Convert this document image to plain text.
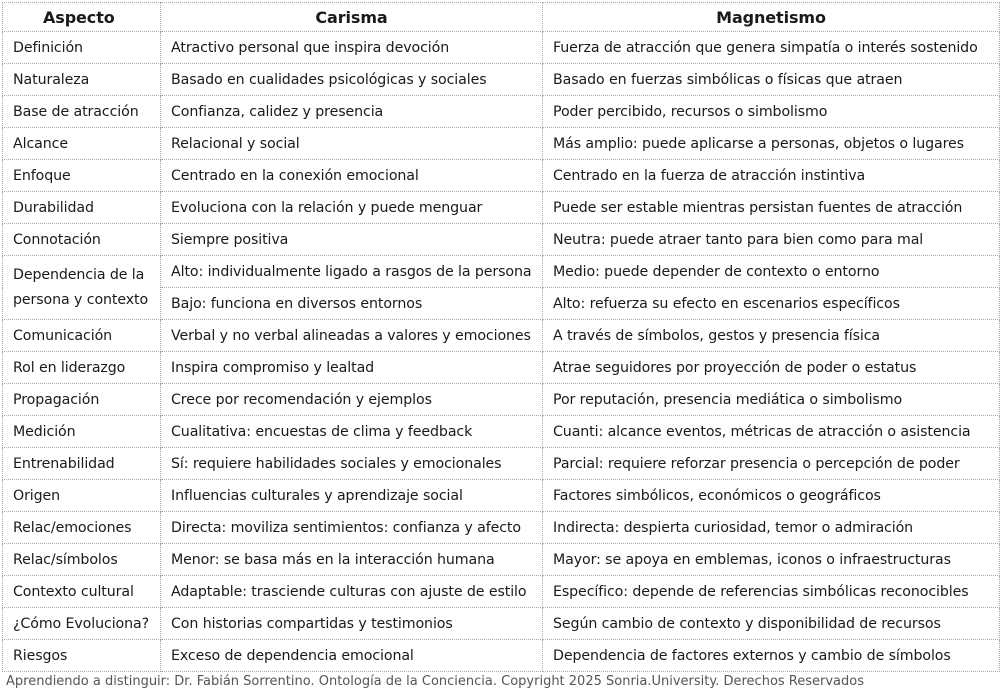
Aspecto	Carisma	Magnetismo
Definición	Atractivo personal que inspira devoción	Fuerza de atracción que genera simpatía o interés sostenido
Naturaleza	Basado en cualidades psicológicas y sociales	Basado en fuerzas simbólicas o físicas que atraen
Base de atracción	Confianza, calidez y presencia	Poder percibido, recursos o simbolismo
Alcance	Relacional y social	Más amplio: puede aplicarse a personas, objetos o lugares
Enfoque	Centrado en la conexión emocional	Centrado en la fuerza de atracción instintiva
Durabilidad	Evoluciona con la relación y puede menguar	Puede ser estable mientras persistan fuentes de atracción
Connotación	Siempre positiva	Neutra: puede atraer tanto para bien como para mal
Dependencia de la persona y contexto	Alto: individualmente ligado a rasgos de la persona	Medio: puede depender de contexto o entorno
	Bajo: funciona en diversos entornos	Alto: refuerza su efecto en escenarios específicos
Comunicación	Verbal y no verbal alineadas a valores y emociones	A través de símbolos, gestos y presencia física
Rol en liderazgo	Inspira compromiso y lealtad	Atrae seguidores por proyección de poder o estatus
Propagación	Crece por recomendación y ejemplos	Por reputación, presencia mediática o simbolismo
Medición	Cualitativa: encuestas de clima y feedback	Cuanti: alcance eventos, métricas de atracción o asistencia
Entrenabilidad	Sí: requiere habilidades sociales y emocionales	Parcial: requiere reforzar presencia o percepción de poder
Origen	Influencias culturales y aprendizaje social	Factores simbólicos, económicos o geográficos
Relac/emociones	Directa: moviliza sentimientos: confianza y afecto	Indirecta: despierta curiosidad, temor o admiración
Relac/símbolos	Menor: se basa más en la interacción humana	Mayor: se apoya en emblemas, iconos o infraestructuras
Contexto cultural	Adaptable: trasciende culturas con ajuste de estilo	Específico: depende de referencias simbólicas reconocibles
¿Cómo Evoluciona?	Con historias compartidas y testimonios	Según cambio de contexto y disponibilidad de recursos
Riesgos	Exceso de dependencia emocional	Dependencia de factores externos y cambio de símbolos
Aprendiendo a distinguir: Dr. Fabián Sorrentino. Ontología de la Conciencia. Copyright 2025 Sonria.University. Derechos Reservados
